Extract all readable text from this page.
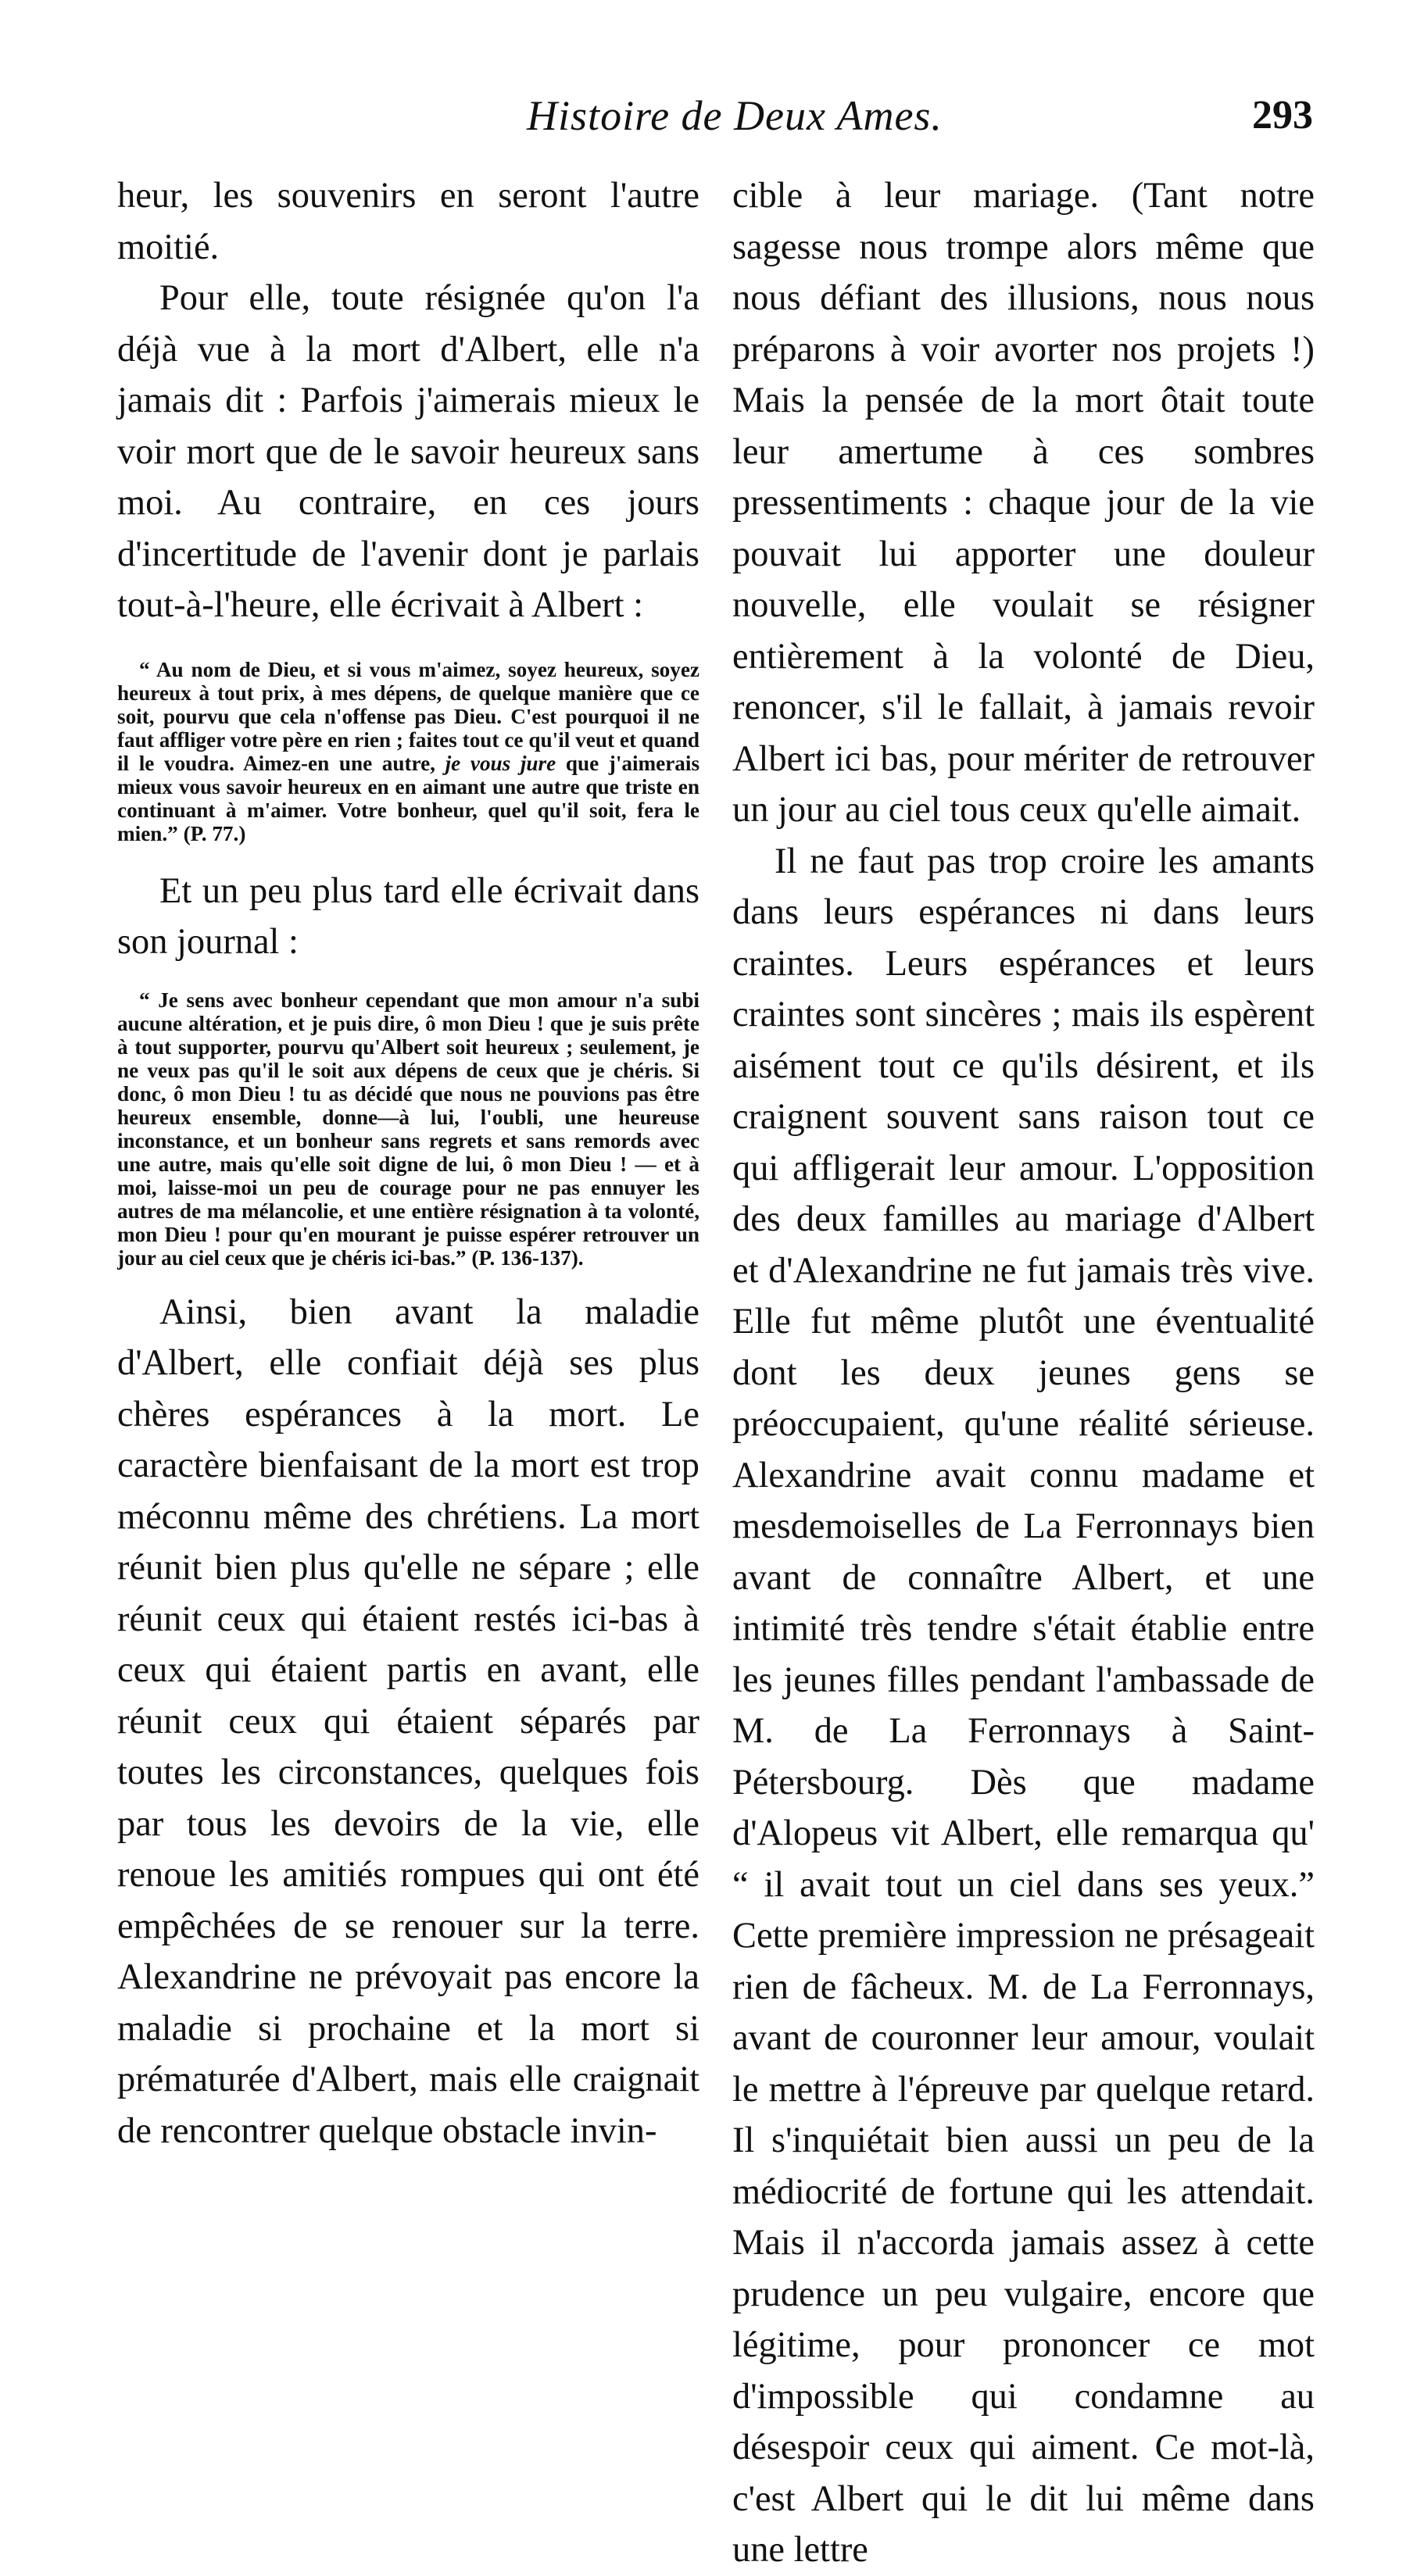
Histoire de Deux Ames.	293

heur, les souvenirs en seront l'autre moitié.

Pour elle, toute résignée qu'on l'a déjà vue à la mort d'Albert, elle n'a jamais dit : Parfois j'aimerais mieux le voir mort que de le savoir heureux sans moi. Au contraire, en ces jours d'incertitude de l'avenir dont je parlais tout-à-l'heure, elle écrivait à Albert :

“ Au nom de Dieu, et si vous m'aimez, soyez heureux, soyez heureux à tout prix, à mes dépens, de quelque manière que ce soit, pourvu que cela n'offense pas Dieu. C'est pourquoi il ne faut affliger votre père en rien ; faites tout ce qu'il veut et quand il le voudra. Aimez-en une autre, je vous jure que j'aimerais mieux vous savoir heureux en en aimant une autre que triste en continuant à m'aimer. Votre bonheur, quel qu'il soit, fera le mien.” (P. 77.)

Et un peu plus tard elle écrivait dans son journal :

“ Je sens avec bonheur cependant que mon amour n'a subi aucune altération, et je puis dire, ô mon Dieu ! que je suis prête à tout supporter, pourvu qu'Albert soit heureux ; seulement, je ne veux pas qu'il le soit aux dépens de ceux que je chéris. Si donc, ô mon Dieu ! tu as décidé que nous ne pouvions pas être heureux ensemble, donne—à lui, l'oubli, une heureuse inconstance, et un bonheur sans regrets et sans remords avec une autre, mais qu'elle soit digne de lui, ô mon Dieu ! — et à moi, laisse-moi un peu de courage pour ne pas ennuyer les autres de ma mélancolie, et une entière résignation à ta volonté, mon Dieu ! pour qu'en mourant je puisse espérer retrouver un jour au ciel ceux que je chéris ici-bas.” (P. 136-137).

Ainsi, bien avant la maladie d'Albert, elle confiait déjà ses plus chères espérances à la mort. Le caractère bienfaisant de la mort est trop méconnu même des chrétiens. La mort réunit bien plus qu'elle ne sépare ; elle réunit ceux qui étaient restés ici-bas à ceux qui étaient partis en avant, elle réunit ceux qui étaient séparés par toutes les circonstances, quelques fois par tous les devoirs de la vie, elle renoue les amitiés rompues qui ont été empêchées de se renouer sur la terre. Alexandrine ne prévoyait pas encore la maladie si prochaine et la mort si prématurée d'Albert, mais elle craignait de rencontrer quelque obstacle invin-

cible à leur mariage. (Tant notre sagesse nous trompe alors même que nous défiant des illusions, nous nous préparons à voir avorter nos projets !) Mais la pensée de la mort ôtait toute leur amertume à ces sombres pressentiments : chaque jour de la vie pouvait lui apporter une douleur nouvelle, elle voulait se résigner entièrement à la volonté de Dieu, renoncer, s'il le fallait, à jamais revoir Albert ici bas, pour mériter de retrouver un jour au ciel tous ceux qu'elle aimait.

Il ne faut pas trop croire les amants dans leurs espérances ni dans leurs craintes. Leurs espérances et leurs craintes sont sincères ; mais ils espèrent aisément tout ce qu'ils désirent, et ils craignent souvent sans raison tout ce qui affligerait leur amour. L'opposition des deux familles au mariage d'Albert et d'Alexandrine ne fut jamais très vive. Elle fut même plutôt une éventualité dont les deux jeunes gens se préoccupaient, qu'une réalité sérieuse. Alexandrine avait connu madame et mesdemoiselles de La Ferronnays bien avant de connaître Albert, et une intimité très tendre s'était établie entre les jeunes filles pendant l'ambassade de M. de La Ferronnays à Saint-Pétersbourg. Dès que madame d'Alopeus vit Albert, elle remarqua qu' “ il avait tout un ciel dans ses yeux.” Cette première impression ne présageait rien de fâcheux. M. de La Ferronnays, avant de couronner leur amour, voulait le mettre à l'épreuve par quelque retard. Il s'inquiétait bien aussi un peu de la médiocrité de fortune qui les attendait. Mais il n'accorda jamais assez à cette prudence un peu vulgaire, encore que légitime, pour prononcer ce mot d'impossible qui condamne au désespoir ceux qui aiment. Ce mot-là, c'est Albert qui le dit lui même dans une lettre
